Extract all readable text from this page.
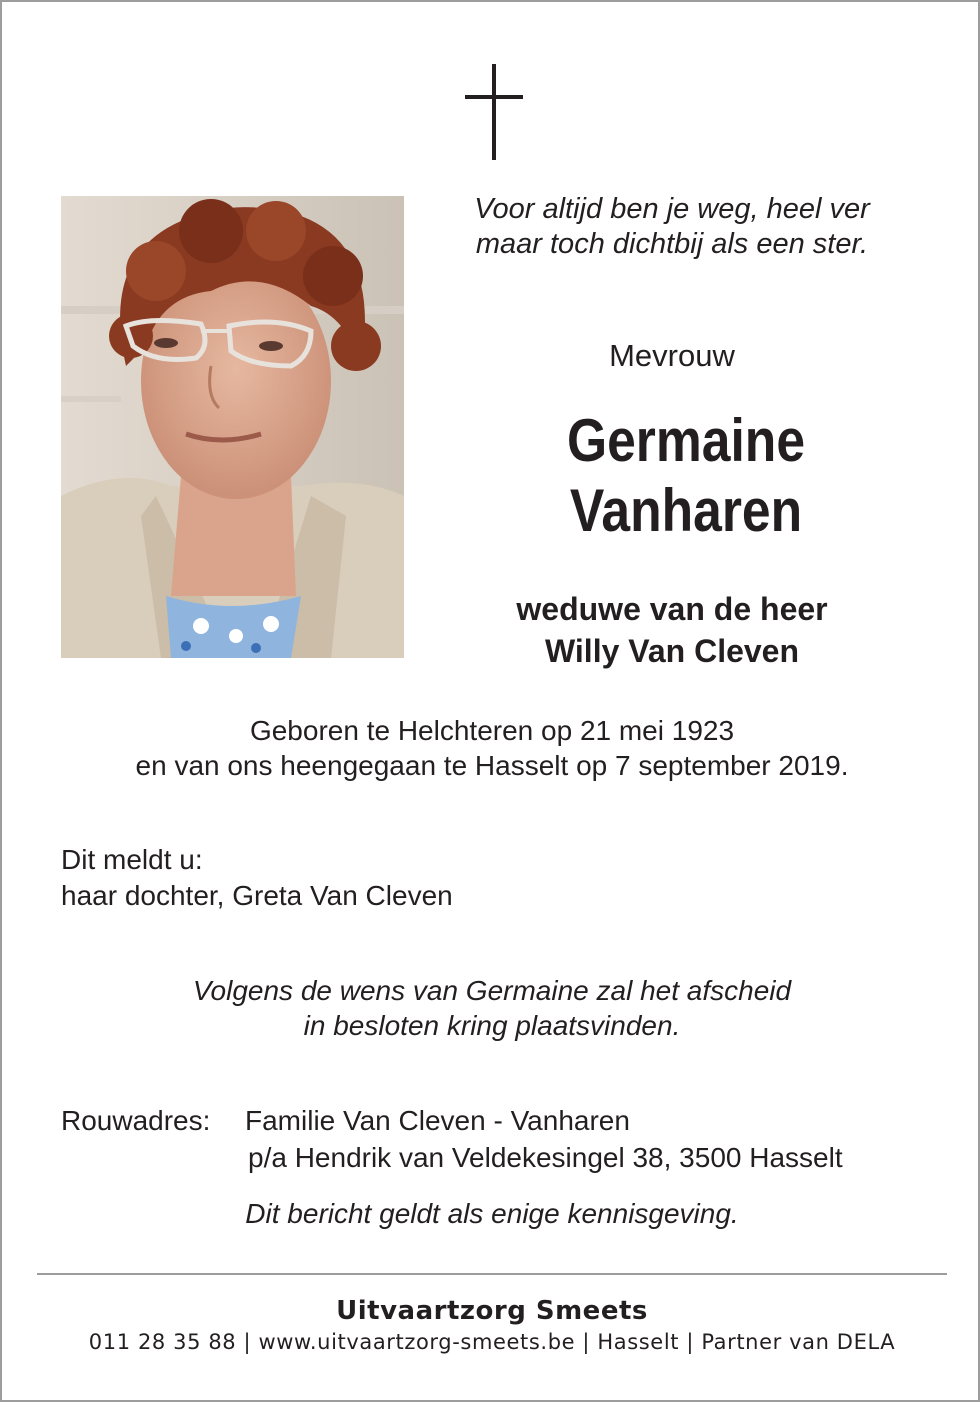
Voor altijd ben je weg, heel ver
maar toch dichtbij als een ster.
Mevrouw
Germaine
Vanharen
weduwe van de heer
Willy Van Cleven
Geboren te Helchteren op 21 mei 1923
en van ons heengegaan te Hasselt op 7 september 2019.
Dit meldt u:
haar dochter, Greta Van Cleven
Volgens de wens van Germaine zal het afscheid
in besloten kring plaatsvinden.
Rouwadres: Familie Van Cleven - Vanharen
p/a Hendrik van Veldekesingel 38, 3500 Hasselt
Dit bericht geldt als enige kennisgeving.
Uitvaartzorg Smeets
011 28 35 88 | www.uitvaartzorg-smeets.be | Hasselt | Partner van DELA
